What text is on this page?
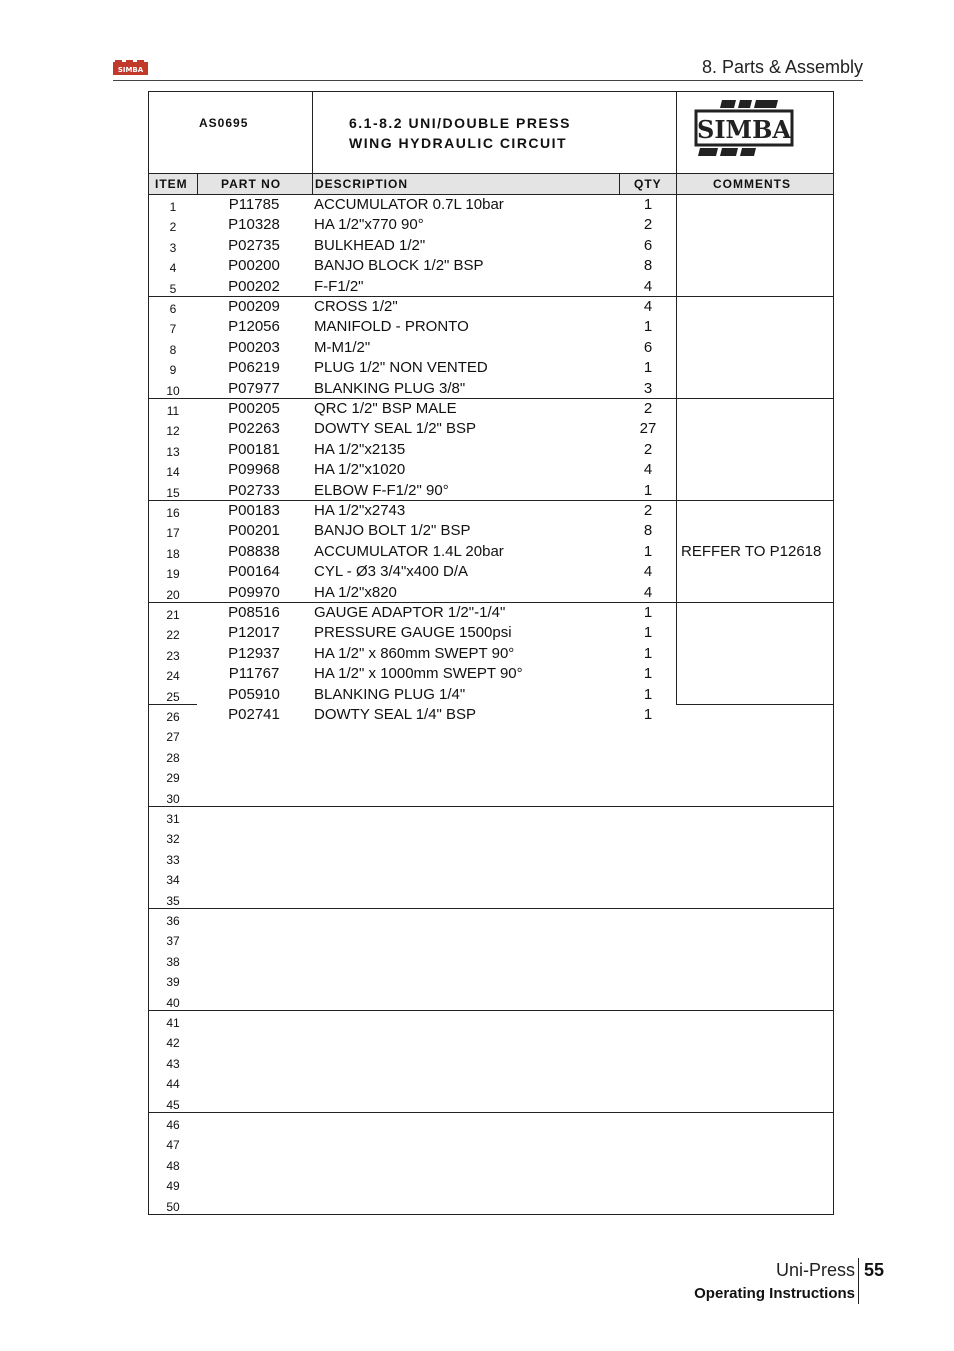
SIMBA	8. Parts & Assembly
AS0695	6.1-8.2 UNI/DOUBLE PRESS
WING HYDRAULIC CIRCUIT	SIMBA
ITEM	PART NO	DESCRIPTION	QTY	COMMENTS
1	P11785	ACCUMULATOR 0.7L 10bar	1
2	P10328	HA 1/2"x770 90°	2
3	P02735	BULKHEAD 1/2"	6
4	P00200	BANJO BLOCK 1/2" BSP	8
5	P00202	F-F1/2"	4
6	P00209	CROSS 1/2"	4
7	P12056	MANIFOLD - PRONTO	1
8	P00203	M-M1/2"	6
9	P06219	PLUG 1/2" NON VENTED	1
10	P07977	BLANKING PLUG 3/8"	3
11	P00205	QRC 1/2" BSP MALE	2
12	P02263	DOWTY SEAL 1/2" BSP	27
13	P00181	HA 1/2"x2135	2
14	P09968	HA 1/2"x1020	4
15	P02733	ELBOW F-F1/2" 90°	1
16	P00183	HA 1/2"x2743	2
17	P00201	BANJO BOLT 1/2" BSP	8
18	P08838	ACCUMULATOR 1.4L 20bar	1	REFFER TO P12618
19	P00164	CYL - Ø3 3/4"x400 D/A	4
20	P09970	HA 1/2"x820	4
21	P08516	GAUGE ADAPTOR 1/2"-1/4"	1
22	P12017	PRESSURE GAUGE 1500psi	1
23	P12937	HA 1/2" x 860mm SWEPT 90°	1
24	P11767	HA 1/2" x 1000mm SWEPT 90°	1
25	P05910	BLANKING PLUG 1/4"	1
26	P02741	DOWTY SEAL 1/4" BSP	1
27
28
29
30
31
32
33
34
35
36
37
38
39
40
41
42
43
44
45
46
47
48
49
50
Uni-Press 55
Operating Instructions
